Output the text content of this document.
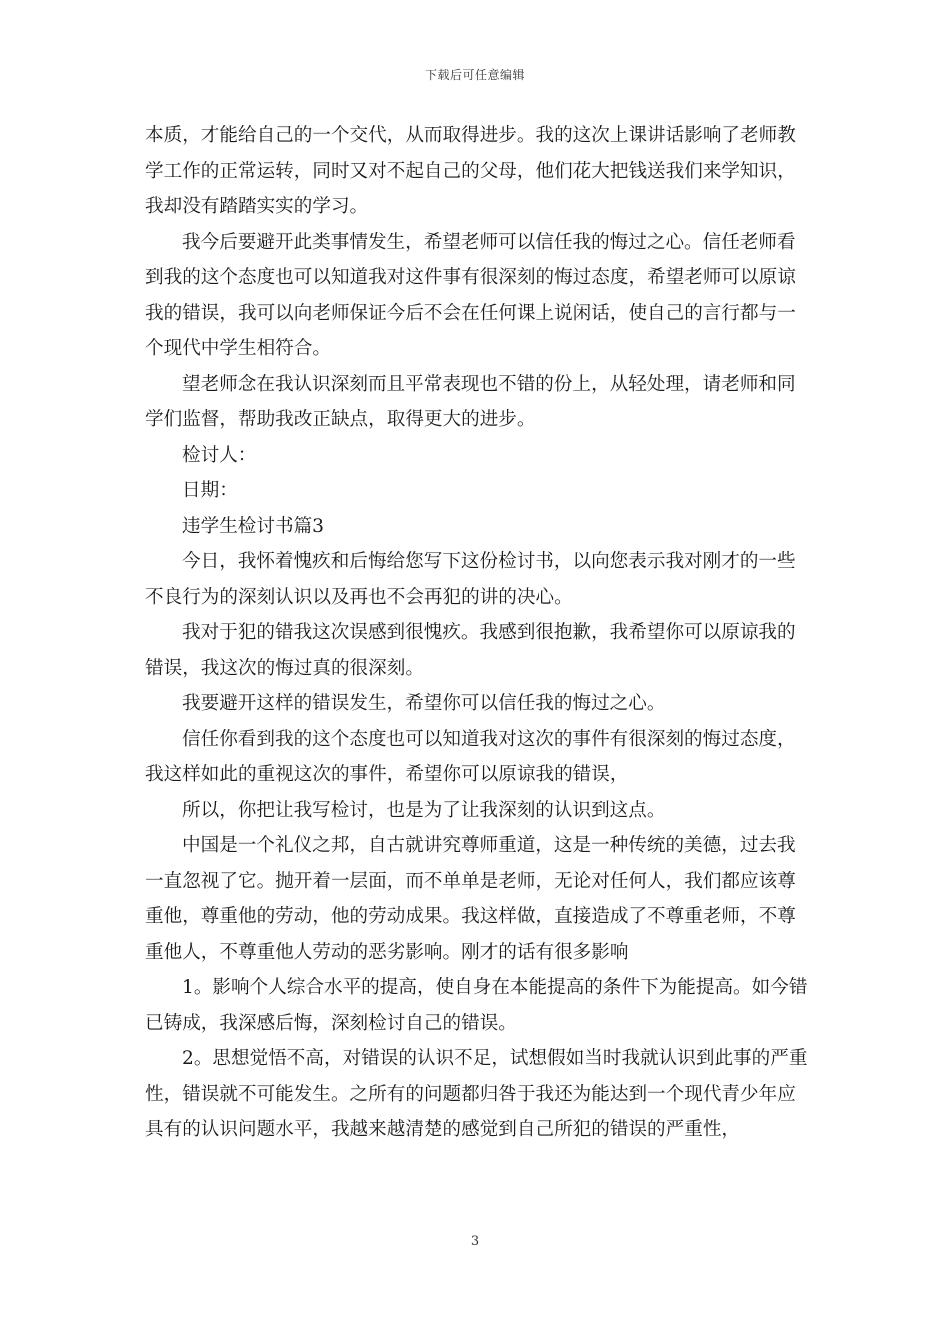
下载后可任意编辑

本质，才能给自己的一个交代，从而取得进步。我的这次上课讲话影响了老师教学工作的正常运转，同时又对不起自己的父母，他们花大把钱送我们来学知识，我却没有踏踏实实的学习。

我今后要避开此类事情发生，希望老师可以信任我的悔过之心。信任老师看到我的这个态度也可以知道我对这件事有很深刻的悔过态度，希望老师可以原谅我的错误，我可以向老师保证今后不会在任何课上说闲话，使自己的言行都与一个现代中学生相符合。

望老师念在我认识深刻而且平常表现也不错的份上，从轻处理，请老师和同学们监督，帮助我改正缺点，取得更大的进步。

检讨人：

日期：

违学生检讨书篇3

今日，我怀着愧疚和后悔给您写下这份检讨书，以向您表示我对刚才的一些不良行为的深刻认识以及再也不会再犯的讲的决心。

我对于犯的错我这次误感到很愧疚。我感到很抱歉，我希望你可以原谅我的错误，我这次的悔过真的很深刻。

我要避开这样的错误发生，希望你可以信任我的悔过之心。

信任你看到我的这个态度也可以知道我对这次的事件有很深刻的悔过态度，我这样如此的重视这次的事件，希望你可以原谅我的错误，

所以，你把让我写检讨，也是为了让我深刻的认识到这点。

中国是一个礼仪之邦，自古就讲究尊师重道，这是一种传统的美德，过去我一直忽视了它。抛开着一层面，而不单单是老师，无论对任何人，我们都应该尊重他，尊重他的劳动，他的劳动成果。我这样做，直接造成了不尊重老师，不尊重他人，不尊重他人劳动的恶劣影响。刚才的话有很多影响

1。影响个人综合水平的提高，使自身在本能提高的条件下为能提高。如今错已铸成，我深感后悔，深刻检讨自己的错误。

2。思想觉悟不高，对错误的认识不足，试想假如当时我就认识到此事的严重性，错误就不可能发生。之所有的问题都归咎于我还为能达到一个现代青少年应具有的认识问题水平，我越来越清楚的感觉到自己所犯的错误的严重性，

3
